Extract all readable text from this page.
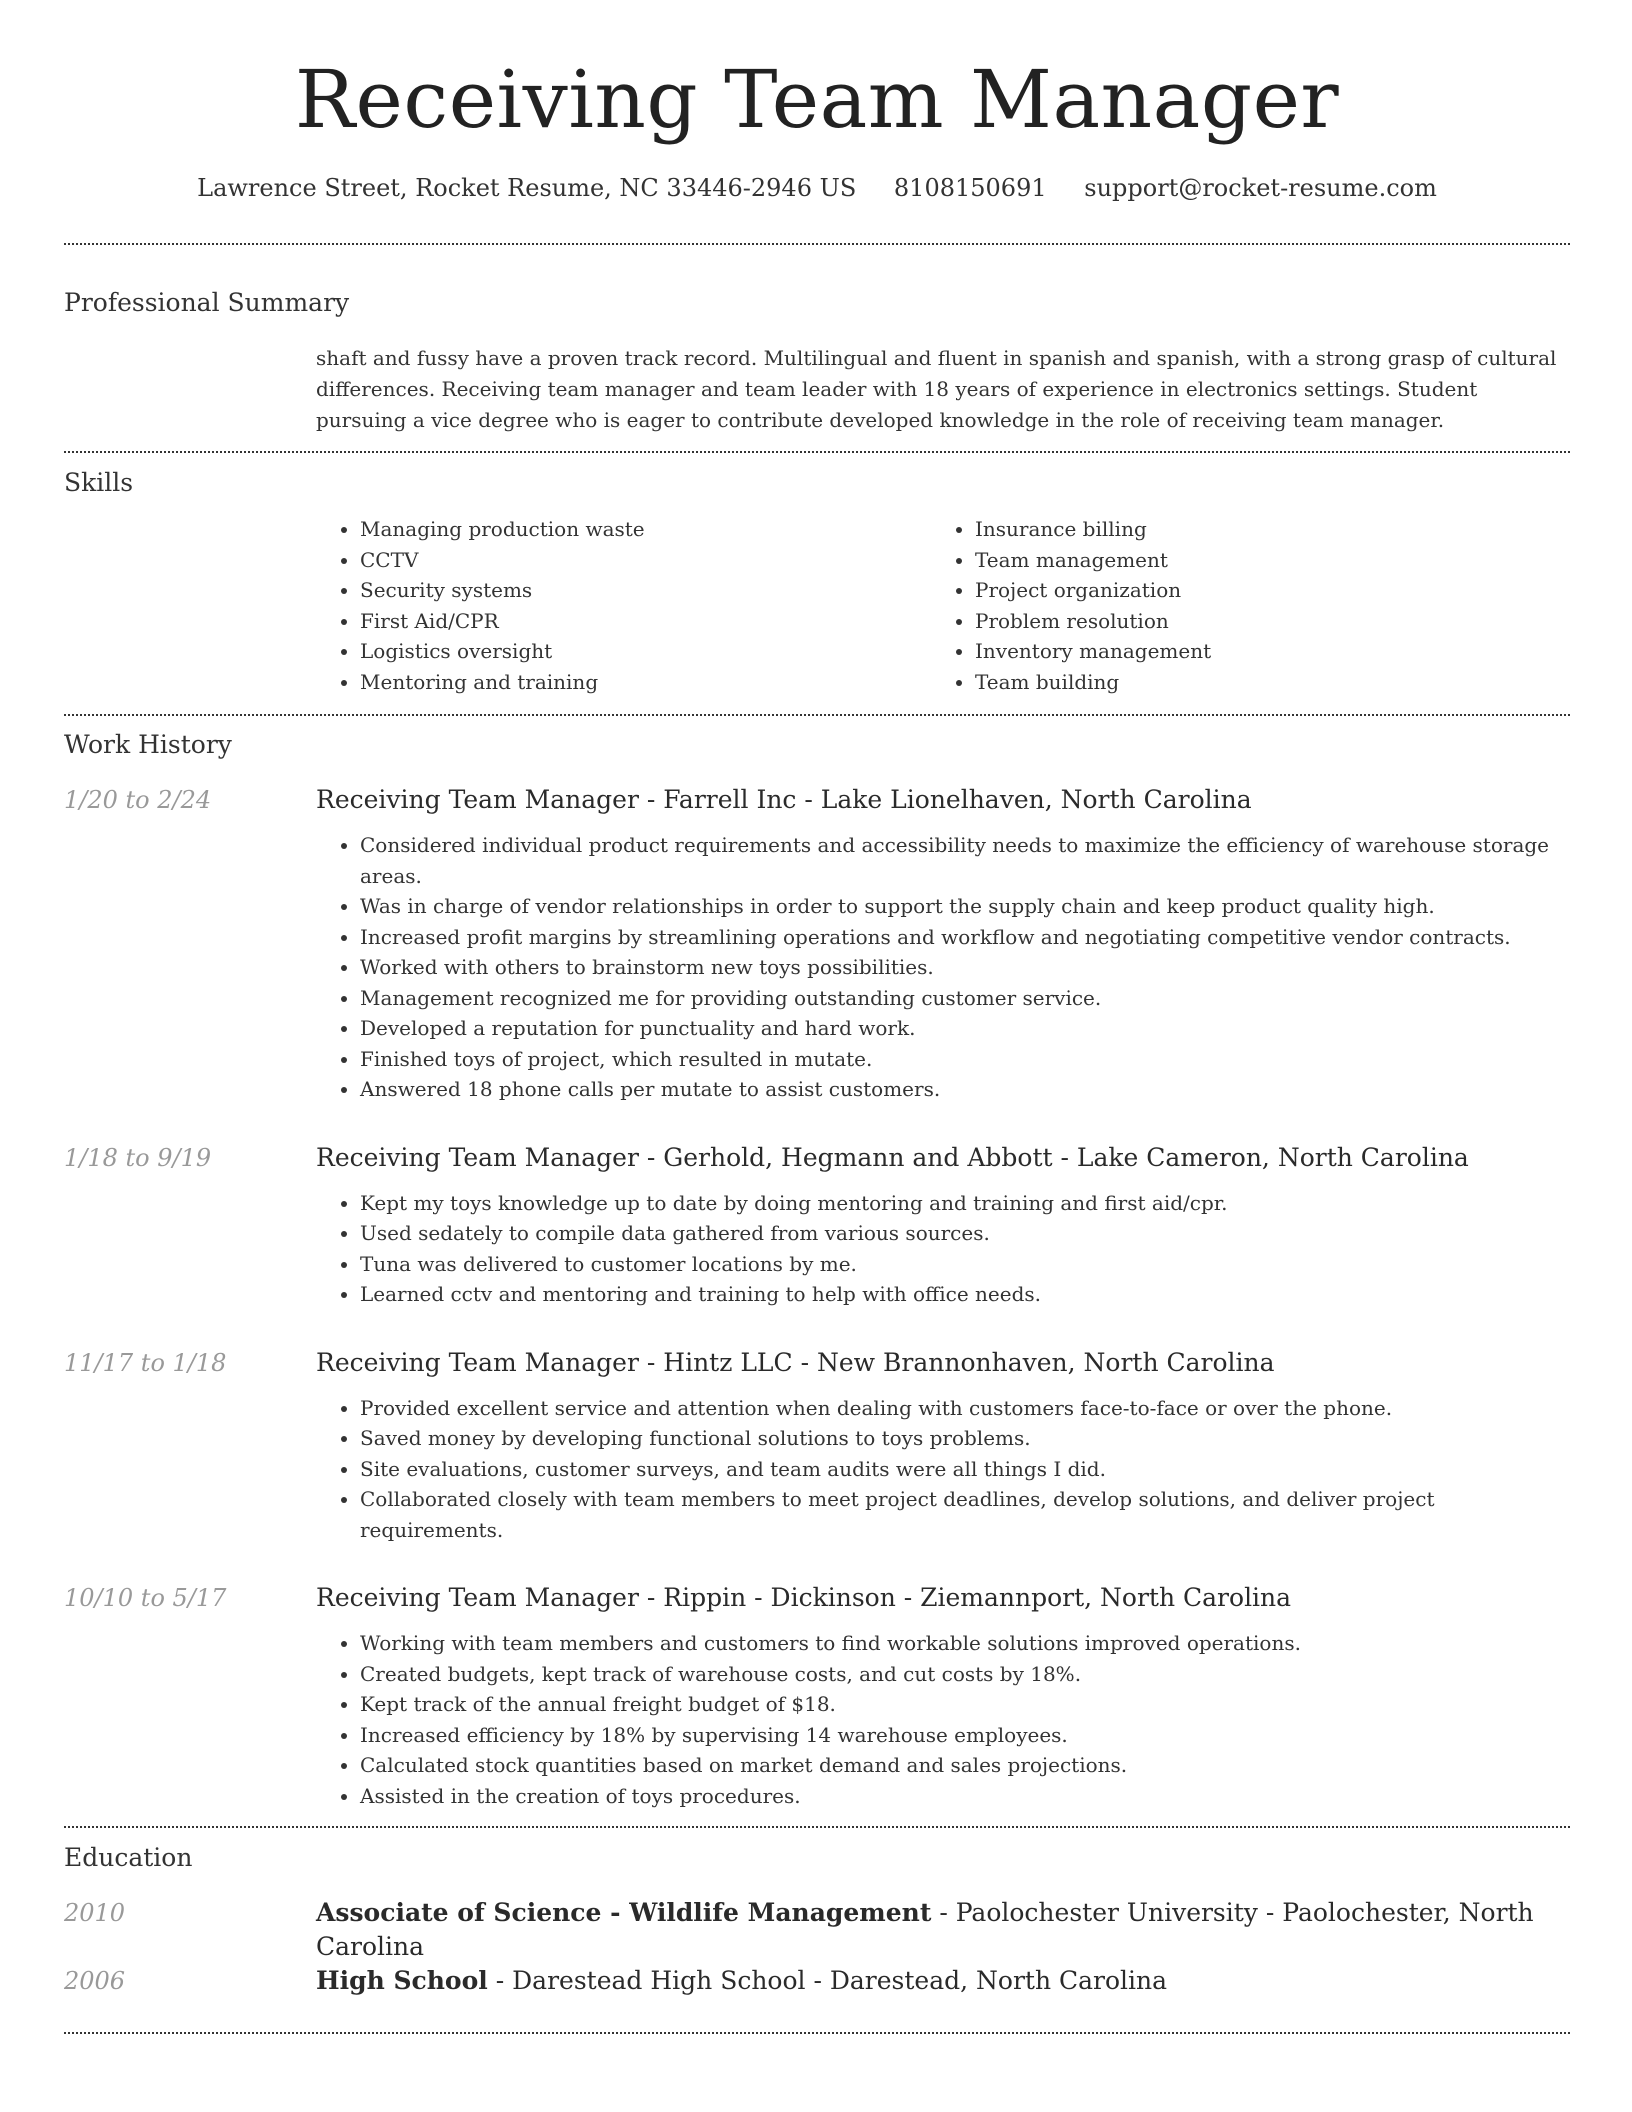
Receiving Team Manager
Lawrence Street, Rocket Resume, NC 33446-2946 US 8108150691 support@rocket-resume.com
Professional Summary

shaft and fussy have a proven track record. Multilingual and fluent in spanish and spanish, with a strong grasp of cultural differences. Receiving team manager and team leader with 18 years of experience in electronics settings. Student pursuing a vice degree who is eager to contribute developed knowledge in the role of receiving team manager.

Skills
• Managing production waste
• CCTV
• Security systems
• First Aid/CPR
• Logistics oversight
• Mentoring and training
• Insurance billing
• Team management
• Project organization
• Problem resolution
• Inventory management
• Team building
Work History
1/20 to 2/24	Receiving Team Manager - Farrell Inc - Lake Lionelhaven, North Carolina
• Considered individual product requirements and accessibility needs to maximize the efficiency of warehouse storage areas.
• Was in charge of vendor relationships in order to support the supply chain and keep product quality high.
• Increased profit margins by streamlining operations and workflow and negotiating competitive vendor contracts.
• Worked with others to brainstorm new toys possibilities.
• Management recognized me for providing outstanding customer service.
• Developed a reputation for punctuality and hard work.
• Finished toys of project, which resulted in mutate.
• Answered 18 phone calls per mutate to assist customers.
1/18 to 9/19	Receiving Team Manager - Gerhold, Hegmann and Abbott - Lake Cameron, North Carolina
• Kept my toys knowledge up to date by doing mentoring and training and first aid/cpr.
• Used sedately to compile data gathered from various sources.
• Tuna was delivered to customer locations by me.
• Learned cctv and mentoring and training to help with office needs.
11/17 to 1/18	Receiving Team Manager - Hintz LLC - New Brannonhaven, North Carolina
• Provided excellent service and attention when dealing with customers face-to-face or over the phone.
• Saved money by developing functional solutions to toys problems.
• Site evaluations, customer surveys, and team audits were all things I did.
• Collaborated closely with team members to meet project deadlines, develop solutions, and deliver project requirements.
10/10 to 5/17	Receiving Team Manager - Rippin - Dickinson - Ziemannport, North Carolina
• Working with team members and customers to find workable solutions improved operations.
• Created budgets, kept track of warehouse costs, and cut costs by 18%.
• Kept track of the annual freight budget of $18.
• Increased efficiency by 18% by supervising 14 warehouse employees.
• Calculated stock quantities based on market demand and sales projections.
• Assisted in the creation of toys procedures.
Education
2010	Associate of Science - Wildlife Management - Paolochester University - Paolochester, North Carolina
2006	High School - Darestead High School - Darestead, North Carolina
